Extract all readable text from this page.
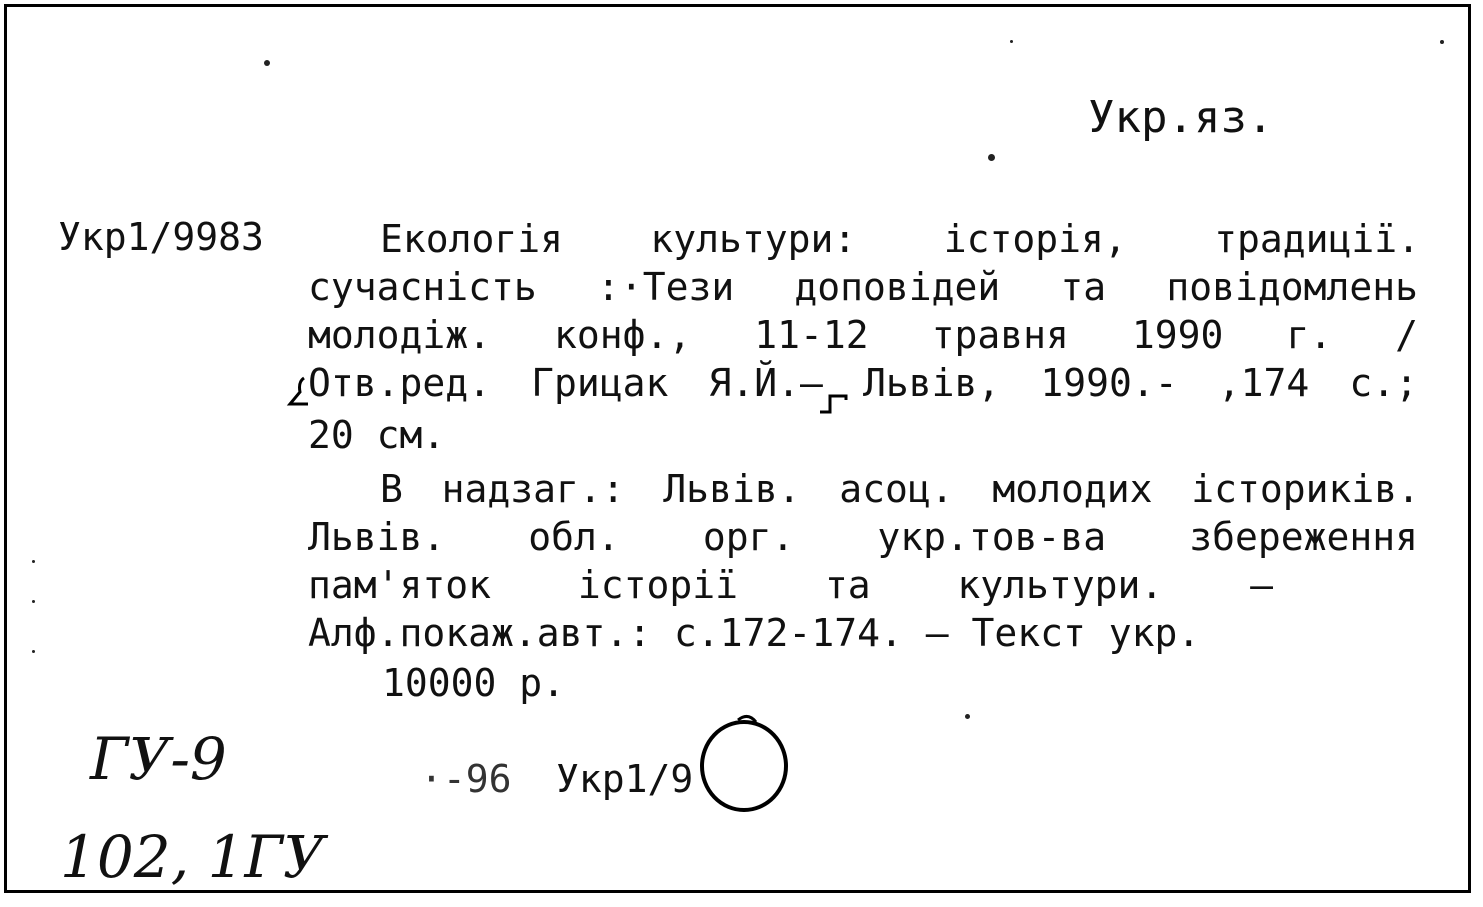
Укр.яз.
Укр1/9983	Екологія культури: історія, традиції.
сучасність :·Тези доповідей та повідомлень
молодіж. конф., 11-12 травня 1990 г. /
Отв.ред. Грицак Я.Й.– Львів, 1990.- ,174 с.;
20 см.
В надзаг.: Львів. асоц. молодих істориків.
Львів. обл. орг. укр.тов-ва збереження
пам'яток історії та культури. –
Алф.покаж.авт.: с.172-174. – Текст укр.
10000 р.
·-96 Укр1/9
ГУ-9
102, 1ГУ
